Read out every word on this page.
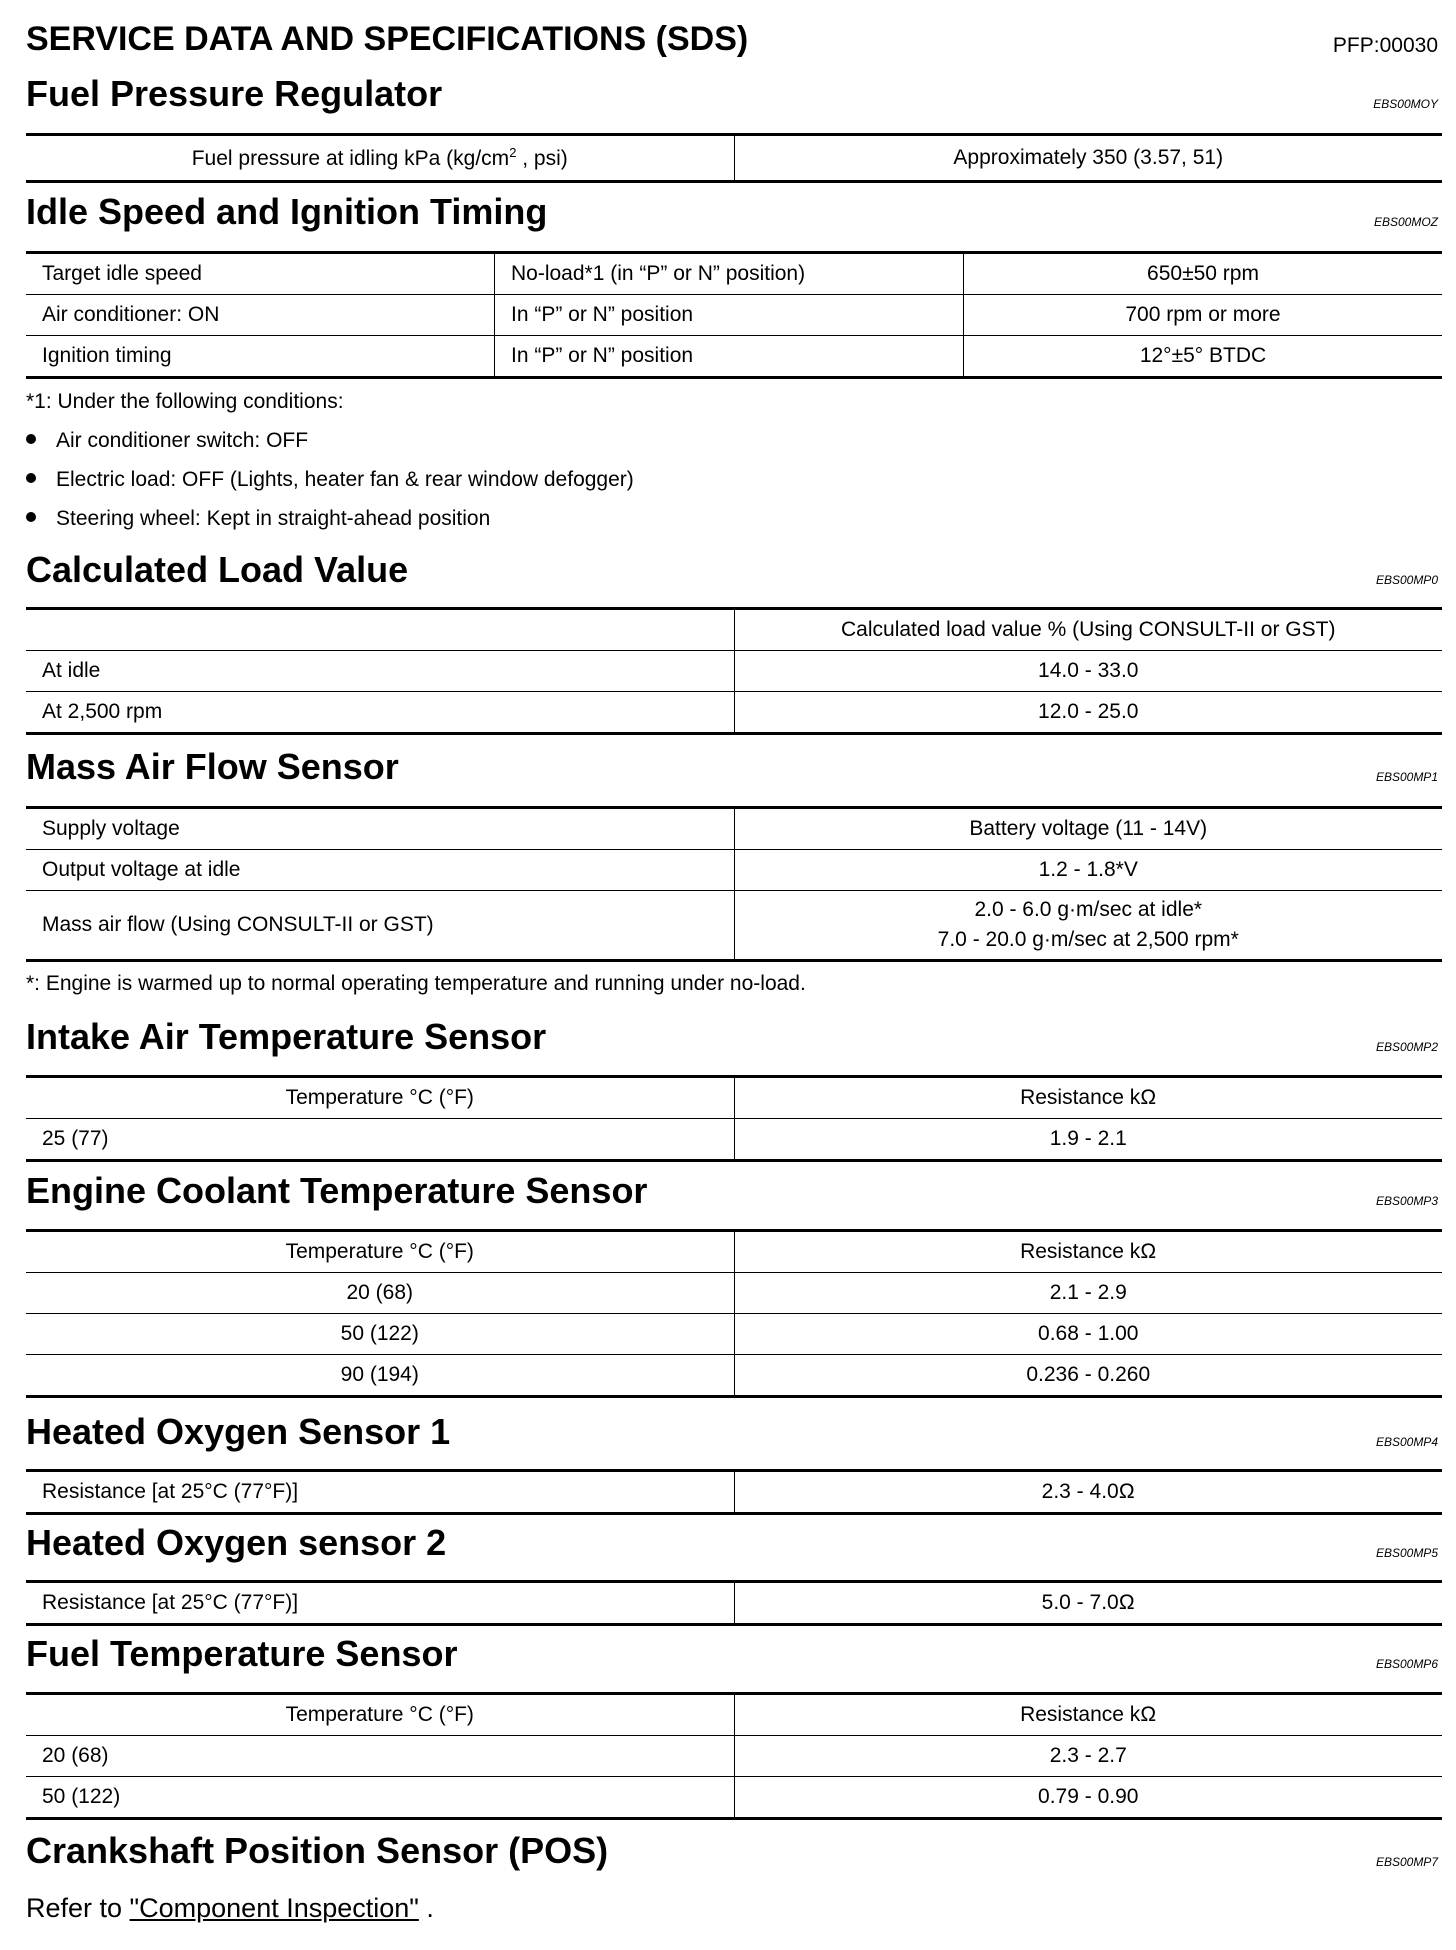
SERVICE DATA AND SPECIFICATIONS (SDS)	PFP:00030
Fuel Pressure Regulator	EBS00MOY
Fuel pressure at idling kPa ($kg/cm^2$ , psi)	Approximately 350 (3.57, 51)
Idle Speed and Ignition Timing	EBS00MOZ
Target idle speed	No-load*1 (in “P” or N” position)	650±50 rpm
Air conditioner: ON	In “P” or N” position	700 rpm or more
Ignition timing	In “P” or N” position	12°±5° BTDC
*1: Under the following conditions:
Air conditioner switch: OFF
Electric load: OFF (Lights, heater fan & rear window defogger)
Steering wheel: Kept in straight-ahead position
Calculated Load Value	EBS00MP0
	Calculated load value % (Using CONSULT-II or GST)
At idle	14.0 - 33.0
At 2,500 rpm	12.0 - 25.0
Mass Air Flow Sensor	EBS00MP1
Supply voltage	Battery voltage (11 - 14V)
Output voltage at idle	1.2 - 1.8*V
Mass air flow (Using CONSULT-II or GST)	2.0 - 6.0 g·m/sec at idle*
7.0 - 20.0 g·m/sec at 2,500 rpm*
*: Engine is warmed up to normal operating temperature and running under no-load.
Intake Air Temperature Sensor	EBS00MP2
Temperature °C (°F)	Resistance kΩ
25 (77)	1.9 - 2.1
Engine Coolant Temperature Sensor	EBS00MP3
Temperature °C (°F)	Resistance kΩ
20 (68)	2.1 - 2.9
50 (122)	0.68 - 1.00
90 (194)	0.236 - 0.260
Heated Oxygen Sensor 1	EBS00MP4
Resistance [at 25°C (77°F)]	2.3 - 4.0Ω
Heated Oxygen sensor 2	EBS00MP5
Resistance [at 25°C (77°F)]	5.0 - 7.0Ω
Fuel Temperature Sensor	EBS00MP6
Temperature °C (°F)	Resistance kΩ
20 (68)	2.3 - 2.7
50 (122)	0.79 - 0.90
Crankshaft Position Sensor (POS)	EBS00MP7
Refer to "Component Inspection" .
